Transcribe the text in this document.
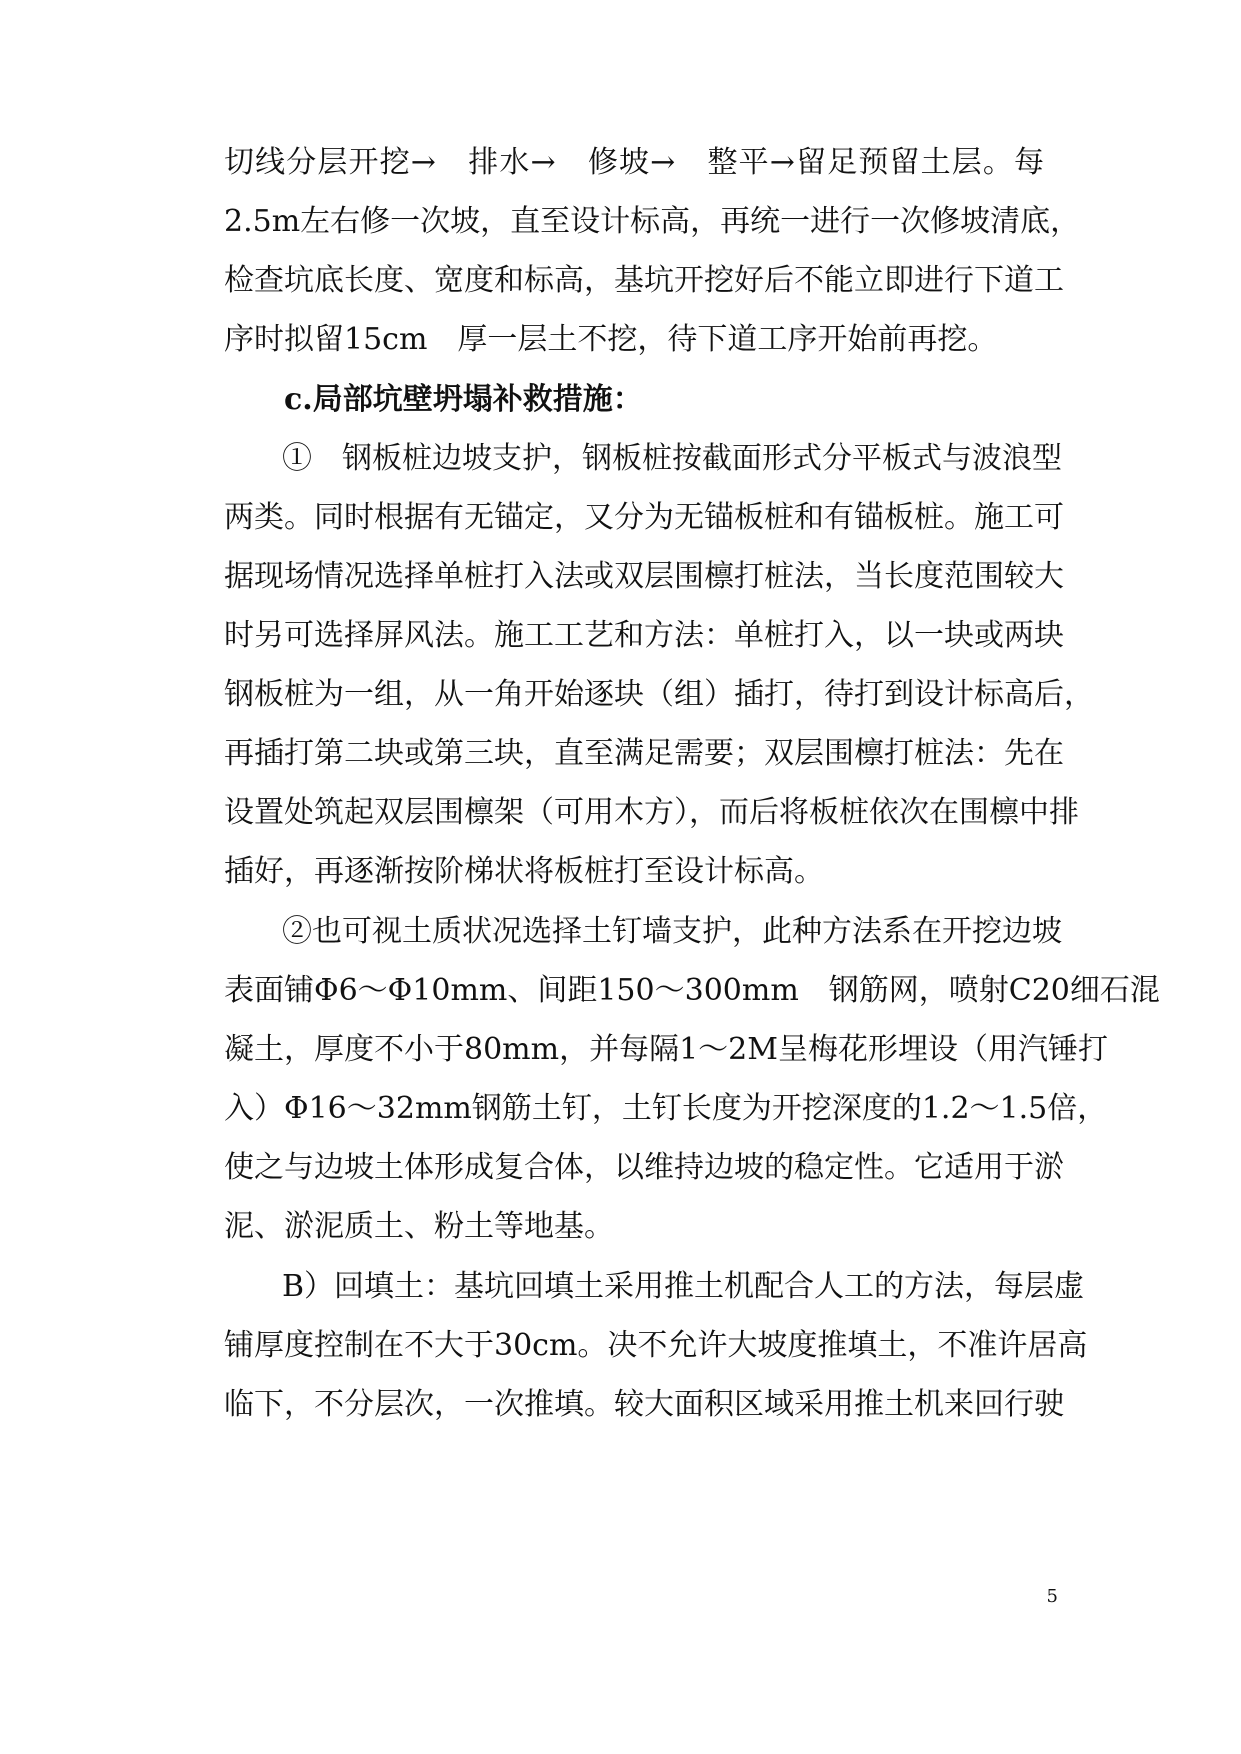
切线分层开挖→　排水→　修坡→　整平→留足预留土层。每
2.5m左右修一次坡，直至设计标高，再统一进行一次修坡清底，
检查坑底长度、宽度和标高，基坑开挖好后不能立即进行下道工
序时拟留15cm　厚一层土不挖，待下道工序开始前再挖。
c.局部坑壁坍塌补救措施：
①　钢板桩边坡支护，钢板桩按截面形式分平板式与波浪型
两类。同时根据有无锚定，又分为无锚板桩和有锚板桩。施工可
据现场情况选择单桩打入法或双层围檩打桩法，当长度范围较大
时另可选择屏风法。施工工艺和方法：单桩打入，以一块或两块
钢板桩为一组，从一角开始逐块（组）插打，待打到设计标高后，
再插打第二块或第三块，直至满足需要；双层围檩打桩法：先在
设置处筑起双层围檩架（可用木方），而后将板桩依次在围檩中排
插好，再逐渐按阶梯状将板桩打至设计标高。
②也可视土质状况选择土钉墙支护，此种方法系在开挖边坡
表面铺Φ6～Φ10mm、间距150～300mm　钢筋网，喷射C20细石混
凝土，厚度不小于80mm，并每隔1～2M呈梅花形埋设（用汽锤打
入）Φ16～32mm钢筋土钉，土钉长度为开挖深度的1.2～1.5倍，
使之与边坡土体形成复合体，以维持边坡的稳定性。它适用于淤
泥、淤泥质土、粉土等地基。
B）回填土：基坑回填土采用推土机配合人工的方法，每层虚
铺厚度控制在不大于30cm。决不允许大坡度推填土，不准许居高
临下，不分层次，一次推填。较大面积区域采用推土机来回行驶
5
